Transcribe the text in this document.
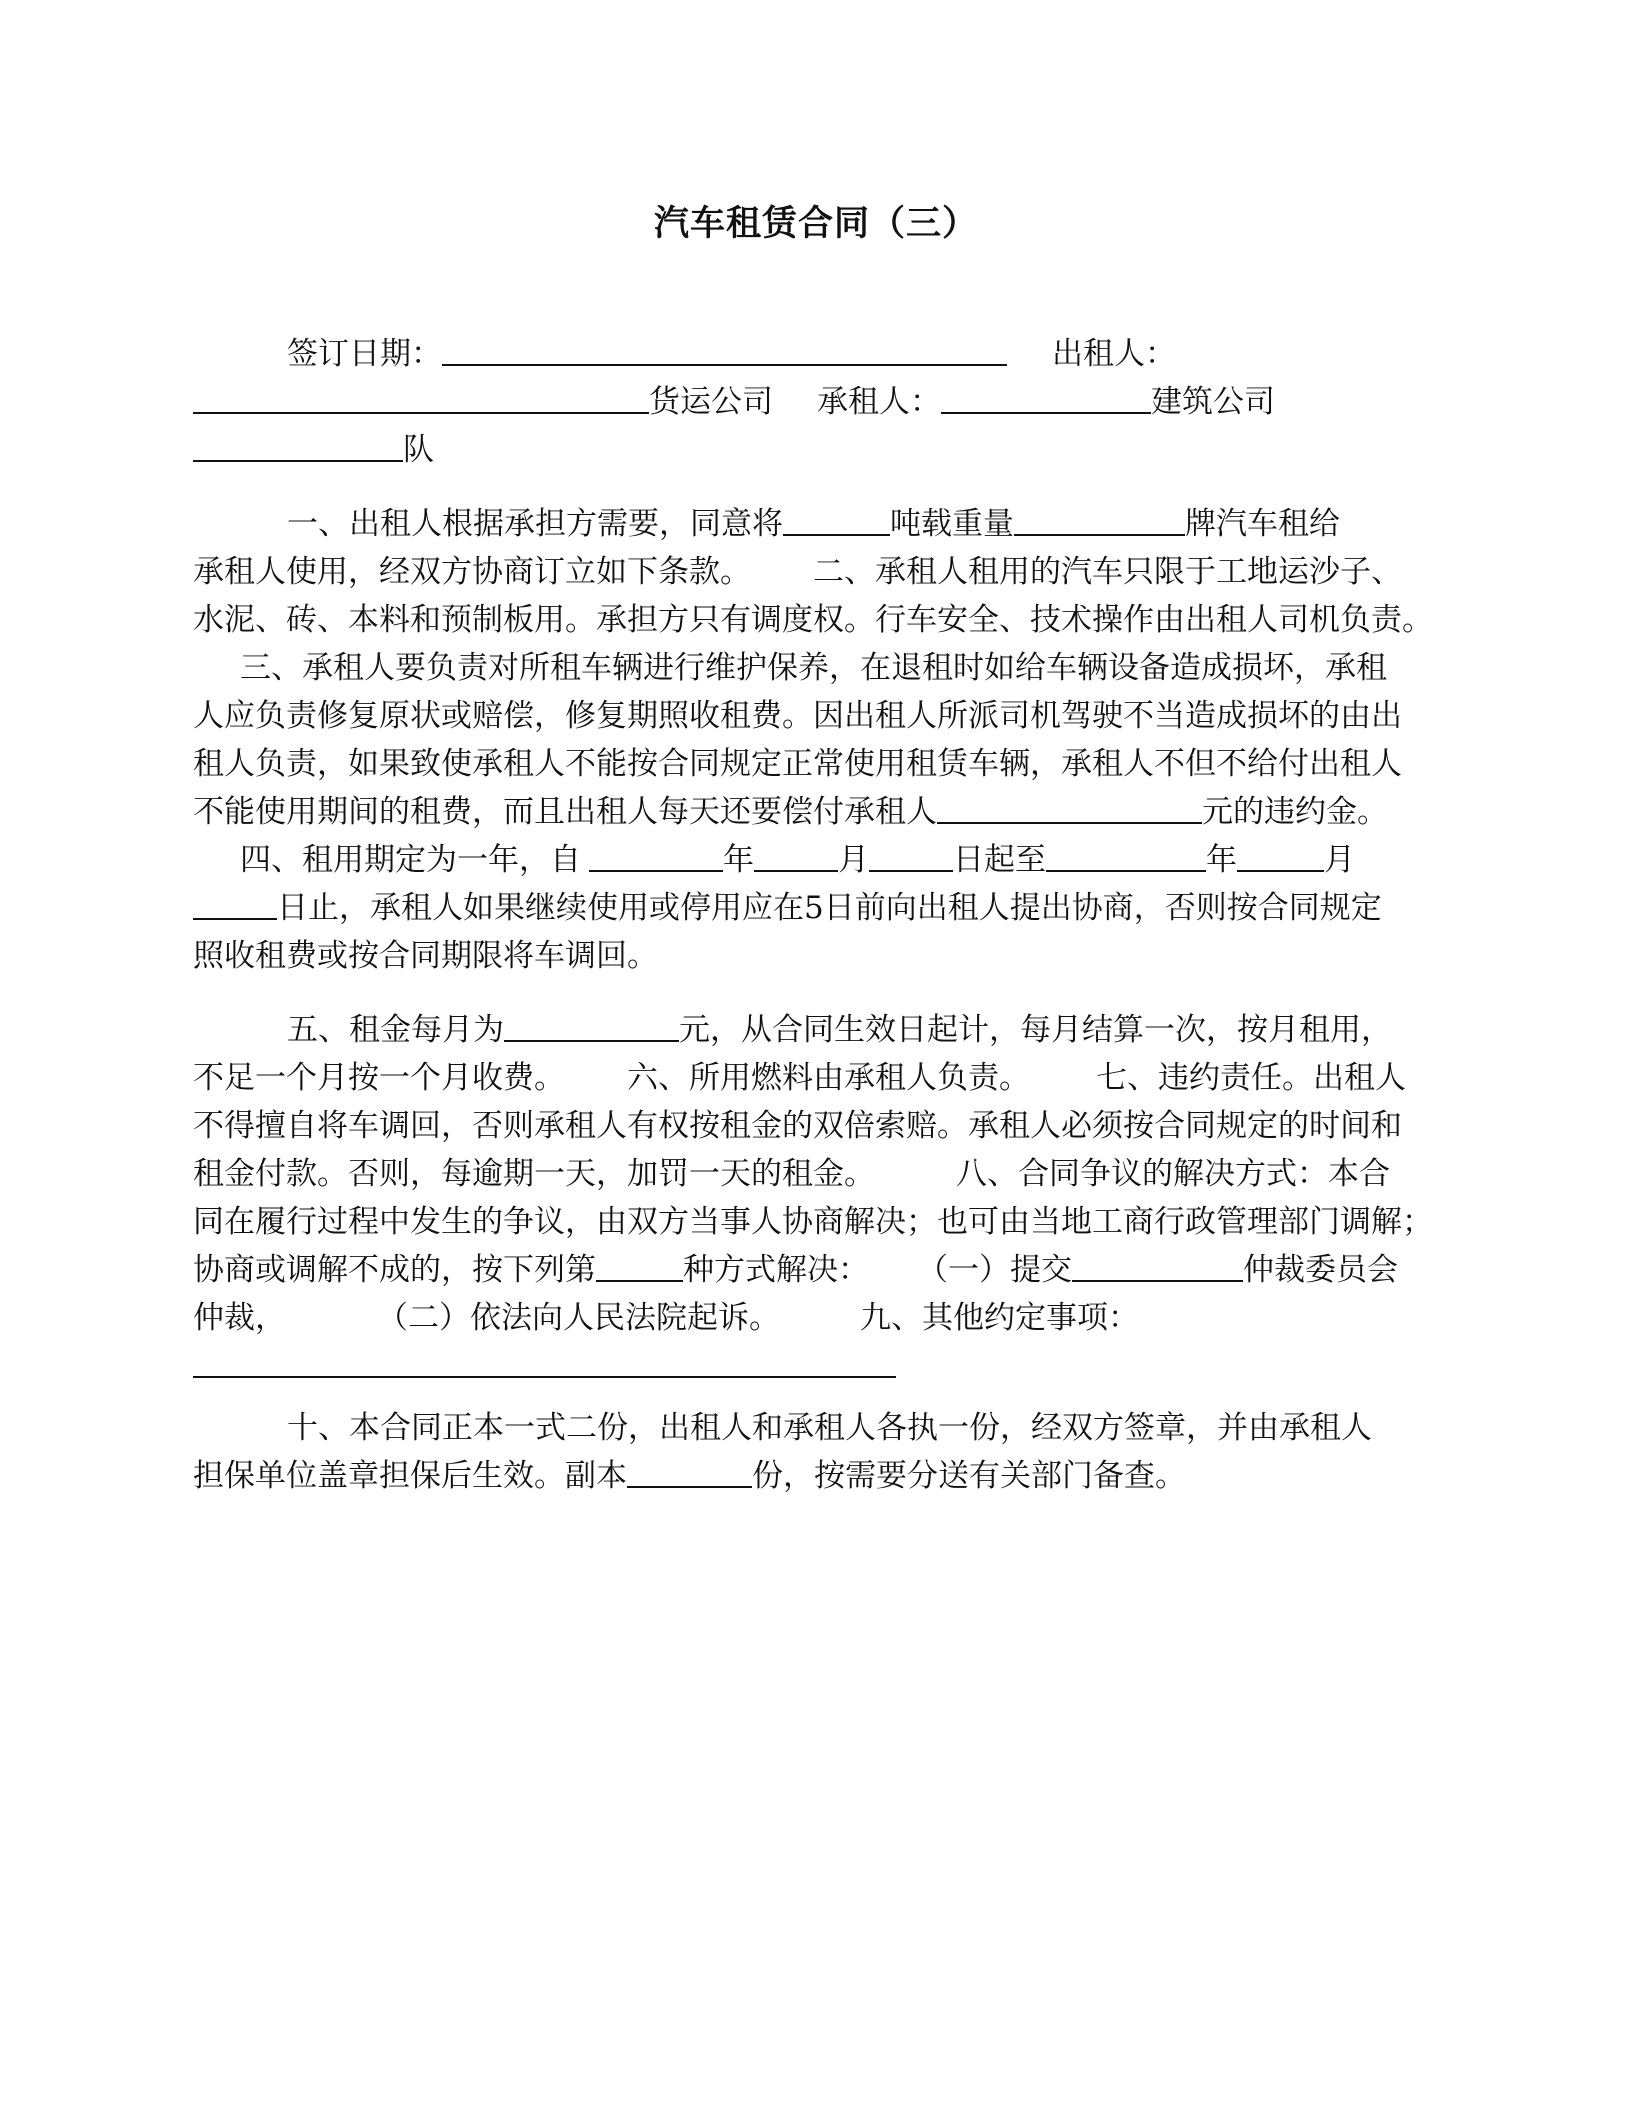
汽车租赁合同（三）
签订日期：	出租人：
货运公司 承租人：	建筑公司
队
一、出租人根据承担方需要，同意将	吨载重量	牌汽车租给
承租人使用，经双方协商订立如下条款。 二、承租人租用的汽车只限于工地运沙子、
水泥、砖、本料和预制板用。承担方只有调度权。行车安全、技术操作由出租人司机负责。
三、承租人要负责对所租车辆进行维护保养，在退租时如给车辆设备造成损坏，承租
人应负责修复原状或赔偿，修复期照收租费。因出租人所派司机驾驶不当造成损坏的由出
租人负责，如果致使承租人不能按合同规定正常使用租赁车辆，承租人不但不给付出租人
不能使用期间的租费，而且出租人每天还要偿付承租人	元的违约金。
四、租用期定为一年，自	年	月	日起至	年	月
日止，承租人如果继续使用或停用应在5日前向出租人提出协商，否则按合同规定
照收租费或按合同期限将车调回。
五、租金每月为	元，从合同生效日起计，每月结算一次，按月租用，
不足一个月按一个月收费。 六、所用燃料由承租人负责。 七、违约责任。出租人
不得擅自将车调回，否则承租人有权按租金的双倍索赔。承租人必须按合同规定的时间和
租金付款。否则，每逾期一天，加罚一天的租金。	八、合同争议的解决方式：本合
同在履行过程中发生的争议，由双方当事人协商解决；也可由当地工商行政管理部门调解；
协商或调解不成的，按下列第	种方式解决： （一）提交	仲裁委员会
仲裁，	（二）依法向人民法院起诉。	九、其他约定事项：
十、本合同正本一式二份，出租人和承租人各执一份，经双方签章，并由承租人
担保单位盖章担保后生效。副本	份，按需要分送有关部门备查。
